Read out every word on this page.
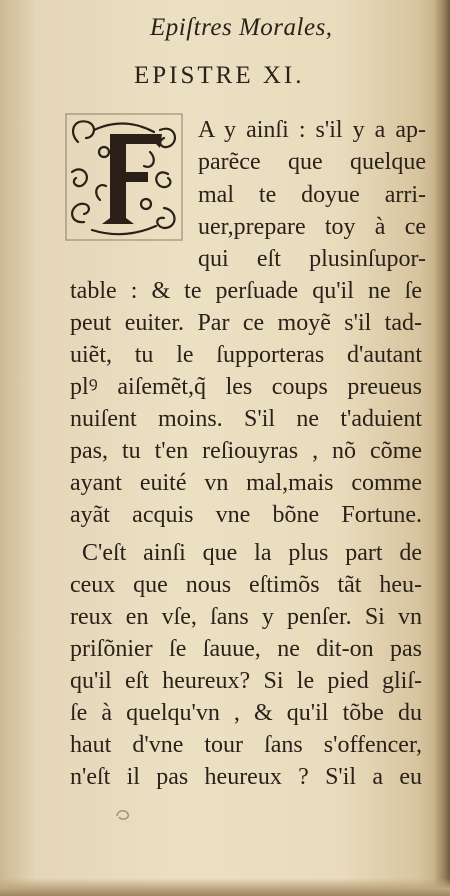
Epiſtres Morales,
EPISTRE XI.
A y ainſi : s'il y a ap-
parẽce que quelque
mal te doyue arri-
uer,prepare toy à ce
qui eſt plusinſupor-
table : & te perſuade qu'il ne ſe
peut euiter. Par ce moyẽ s'il tad-
uiẽt, tu le ſupporteras d'autant
plꝰ aiſemẽt,q̃ les coups preueus
nuiſent moins. S'il ne t'aduient
pas, tu t'en reſiouyras , nõ cõme
ayant euité vn mal,mais comme
ayãt acquis vne bõne Fortune.
C'eſt ainſi que la plus part de
ceux que nous eſtimõs tãt heu-
reux en vſe, ſans y penſer. Si vn
priſõnier ſe ſauue, ne dit-on pas
qu'il eſt heureux? Si le pied gliſ-
ſe à quelqu'vn , & qu'il tõbe du
haut d'vne tour ſans s'offencer,
n'eſt il pas heureux ? S'il a eu
